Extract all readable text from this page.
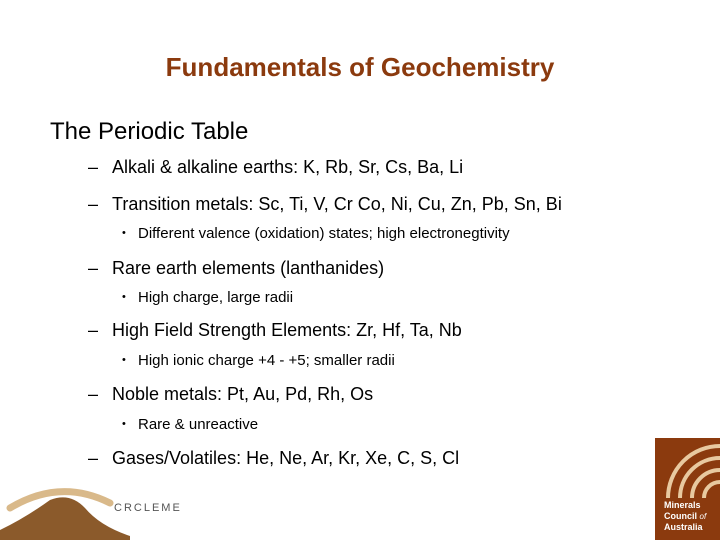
Fundamentals of Geochemistry
The Periodic Table
– Alkali & alkaline earths: K, Rb, Sr, Cs, Ba, Li
– Transition metals: Sc, Ti, V, Cr Co, Ni, Cu, Zn, Pb, Sn, Bi
• Different valence (oxidation) states; high electronegtivity
– Rare earth elements (lanthanides)
• High charge, large radii
– High Field Strength Elements: Zr, Hf, Ta, Nb
• High ionic charge +4 - +5; smaller radii
– Noble metals: Pt, Au, Pd, Rh, Os
• Rare & unreactive
– Gases/Volatiles: He, Ne, Ar, Kr, Xe, C, S, Cl
CRCLEME	Minerals
Council of
Australia
